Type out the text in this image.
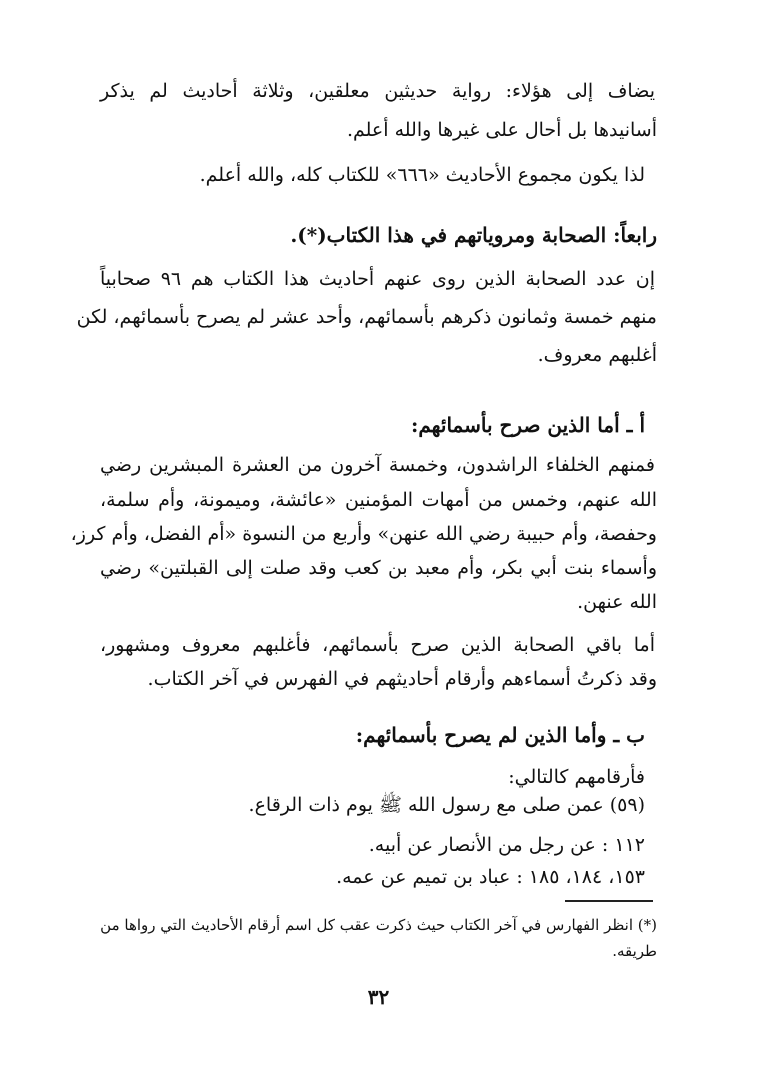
يضاف إلى هؤلاء: رواية حديثين معلقين، وثلاثة أحاديث لم يذكر
أسانيدها بل أحال على غيرها والله أعلم.
لذا يكون مجموع الأحاديث «٦٦٦» للكتاب كله، والله أعلم.
رابعاً: الصحابة ومروياتهم في هذا الكتاب(*).
إن عدد الصحابة الذين روى عنهم أحاديث هذا الكتاب هم ٩٦ صحابياً
منهم خمسة وثمانون ذكرهم بأسمائهم، وأحد عشر لم يصرح بأسمائهم، لكن
أغلبهم معروف.
أ ـ أما الذين صرح بأسمائهم:
فمنهم الخلفاء الراشدون، وخمسة آخرون من العشرة المبشرين رضي
الله عنهم، وخمس من أمهات المؤمنين «عائشة، وميمونة، وأم سلمة،
وحفصة، وأم حبيبة رضي الله عنهن» وأربع من النسوة «أم الفضل، وأم كرز،
وأسماء بنت أبي بكر، وأم معبد بن كعب وقد صلت إلى القبلتين» رضي
الله عنهن.
أما باقي الصحابة الذين صرح بأسمائهم، فأغلبهم معروف ومشهور،
وقد ذكرتُ أسماءهم وأرقام أحاديثهم في الفهرس في آخر الكتاب.
ب ـ وأما الذين لم يصرح بأسمائهم:
فأرقامهم كالتالي:
(٥٩) عمن صلى مع رسول الله ﷺ يوم ذات الرقاع.
١١٢ : عن رجل من الأنصار عن أبيه.
١٥٣، ١٨٤، ١٨٥ : عباد بن تميم عن عمه.
(*) انظر الفهارس في آخر الكتاب حيث ذكرت عقب كل اسم أرقام الأحاديث التي رواها من
طريقه.
٣٢
